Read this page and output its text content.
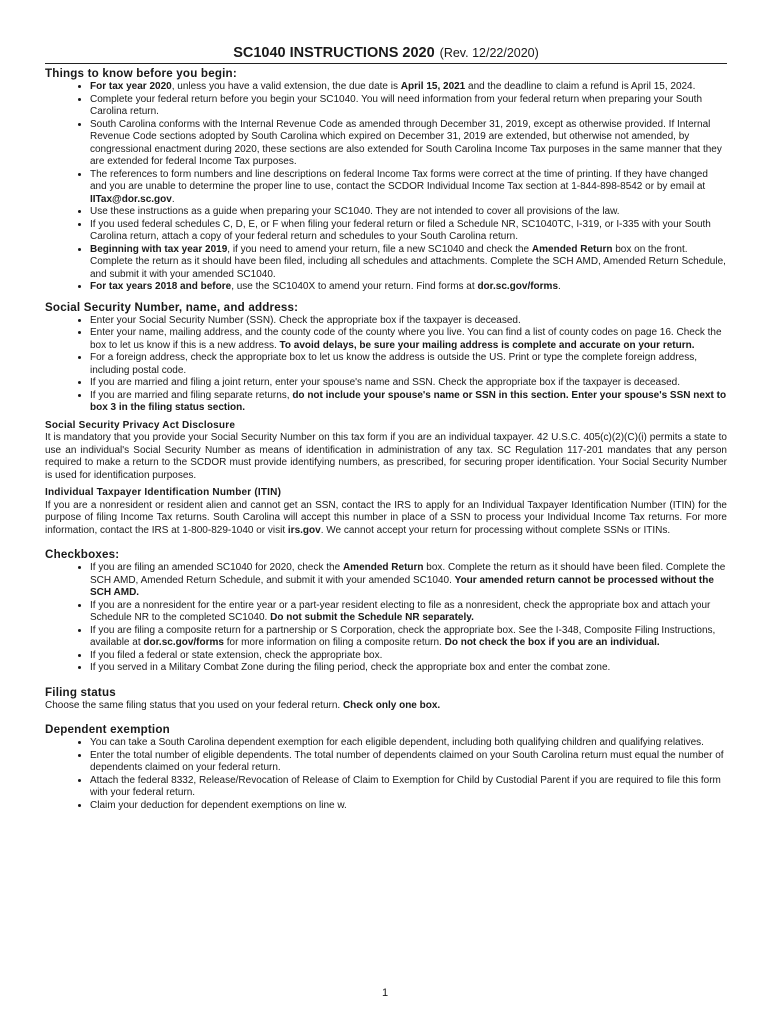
SC1040 INSTRUCTIONS 2020 (Rev. 12/22/2020)
Things to know before you begin:
• For tax year 2020, unless you have a valid extension, the due date is April 15, 2021 and the deadline to claim a refund is April 15, 2024.
• Complete your federal return before you begin your SC1040. You will need information from your federal return when preparing your South Carolina return.
• South Carolina conforms with the Internal Revenue Code as amended through December 31, 2019, except as otherwise provided. If Internal Revenue Code sections adopted by South Carolina which expired on December 31, 2019 are extended, but otherwise not amended, by congressional enactment during 2020, these sections are also extended for South Carolina Income Tax purposes in the same manner that they are extended for federal Income Tax purposes.
• The references to form numbers and line descriptions on federal Income Tax forms were correct at the time of printing. If they have changed and you are unable to determine the proper line to use, contact the SCDOR Individual Income Tax section at 1-844-898-8542 or by email at IITax@dor.sc.gov.
• Use these instructions as a guide when preparing your SC1040. They are not intended to cover all provisions of the law.
• If you used federal schedules C, D, E, or F when filing your federal return or filed a Schedule NR, SC1040TC, I-319, or I-335 with your South Carolina return, attach a copy of your federal return and schedules to your South Carolina return.
• Beginning with tax year 2019, if you need to amend your return, file a new SC1040 and check the Amended Return box on the front. Complete the return as it should have been filed, including all schedules and attachments. Complete the SCH AMD, Amended Return Schedule, and submit it with your amended SC1040.
• For tax years 2018 and before, use the SC1040X to amend your return. Find forms at dor.sc.gov/forms.
Social Security Number, name, and address:
• Enter your Social Security Number (SSN). Check the appropriate box if the taxpayer is deceased.
• Enter your name, mailing address, and the county code of the county where you live. You can find a list of county codes on page 16. Check the box to let us know if this is a new address. To avoid delays, be sure your mailing address is complete and accurate on your return.
• For a foreign address, check the appropriate box to let us know the address is outside the US. Print or type the complete foreign address, including postal code.
• If you are married and filing a joint return, enter your spouse's name and SSN. Check the appropriate box if the taxpayer is deceased.
• If you are married and filing separate returns, do not include your spouse's name or SSN in this section. Enter your spouse's SSN next to box 3 in the filing status section.
Social Security Privacy Act Disclosure

It is mandatory that you provide your Social Security Number on this tax form if you are an individual taxpayer. 42 U.S.C. 405(c)(2)(C)(i) permits a state to use an individual's Social Security Number as means of identification in administration of any tax. SC Regulation 117-201 mandates that any person required to make a return to the SCDOR must provide identifying numbers, as prescribed, for securing proper identification. Your Social Security Number is used for identification purposes.

Individual Taxpayer Identification Number (ITIN)

If you are a nonresident or resident alien and cannot get an SSN, contact the IRS to apply for an Individual Taxpayer Identification Number (ITIN) for the purpose of filing Income Tax returns. South Carolina will accept this number in place of a SSN to process your Individual Income Tax returns. For more information, contact the IRS at 1-800-829-1040 or visit irs.gov. We cannot accept your return for processing without complete SSNs or ITINs.

Checkboxes:
• If you are filing an amended SC1040 for 2020, check the Amended Return box. Complete the return as it should have been filed. Complete the SCH AMD, Amended Return Schedule, and submit it with your amended SC1040. Your amended return cannot be processed without the SCH AMD.
• If you are a nonresident for the entire year or a part-year resident electing to file as a nonresident, check the appropriate box and attach your Schedule NR to the completed SC1040. Do not submit the Schedule NR separately.
• If you are filing a composite return for a partnership or S Corporation, check the appropriate box. See the I-348, Composite Filing Instructions, available at dor.sc.gov/forms for more information on filing a composite return. Do not check the box if you are an individual.
• If you filed a federal or state extension, check the appropriate box.
• If you served in a Military Combat Zone during the filing period, check the appropriate box and enter the combat zone.
Filing status

Choose the same filing status that you used on your federal return. Check only one box.

Dependent exemption
• You can take a South Carolina dependent exemption for each eligible dependent, including both qualifying children and qualifying relatives.
• Enter the total number of eligible dependents. The total number of dependents claimed on your South Carolina return must equal the number of dependents claimed on your federal return.
• Attach the federal 8332, Release/Revocation of Release of Claim to Exemption for Child by Custodial Parent if you are required to file this form with your federal return.
• Claim your deduction for dependent exemptions on line w.
1
